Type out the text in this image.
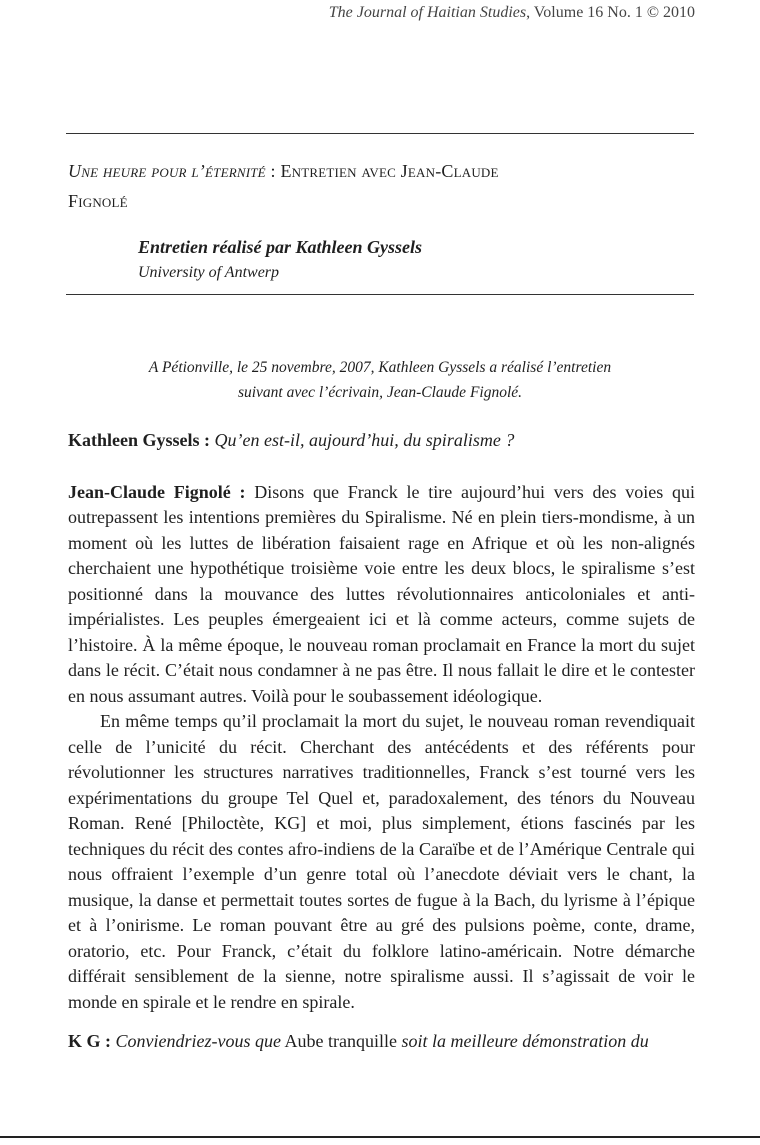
The Journal of Haitian Studies, Volume 16 No. 1 © 2010
Une heure pour l’éternité : Entretien avec Jean-Claude
Fignolé
Entretien réalisé par Kathleen Gyssels
University of Antwerp
A Pétionville, le 25 novembre, 2007, Kathleen Gyssels a réalisé l’entretien
suivant avec l’écrivain, Jean-Claude Fignolé.

Kathleen Gyssels : Qu’en est-il, aujourd’hui, du spiralisme ?

Jean-Claude Fignolé : Disons que Franck le tire aujourd’hui vers des voies qui outrepassent les intentions premières du Spiralisme. Né en plein tiers-mondisme, à un moment où les luttes de libération faisaient rage en Afrique et où les non-alignés cherchaient une hypothétique troisième voie entre les deux blocs, le spiralisme s’est positionné dans la mouvance des luttes révolutionnaires anticoloniales et anti-impérialistes. Les peuples émergeaient ici et là comme acteurs, comme sujets de l’histoire. À la même époque, le nouveau roman proclamait en France la mort du sujet dans le récit. C’était nous condamner à ne pas être. Il nous fallait le dire et le contester en nous assumant autres. Voilà pour le soubassement idéologique.

En même temps qu’il proclamait la mort du sujet, le nouveau roman revendiquait celle de l’unicité du récit. Cherchant des antécédents et des référents pour révolutionner les structures narratives traditionnelles, Franck s’est tourné vers les expérimentations du groupe Tel Quel et, paradoxalement, des ténors du Nouveau Roman. René [Philoctète, KG] et moi, plus simplement, étions fascinés par les techniques du récit des contes afro-indiens de la Caraïbe et de l’Amérique Centrale qui nous offraient l’exemple d’un genre total où l’anecdote déviait vers le chant, la musique, la danse et permettait toutes sortes de fugue à la Bach, du lyrisme à l’épique et à l’onirisme. Le roman pouvant être au gré des pulsions poème, conte, drame, oratorio, etc. Pour Franck, c’était du folklore latino-américain. Notre démarche différait sensiblement de la sienne, notre spiralisme aussi. Il s’agissait de voir le monde en spirale et le rendre en spirale.

K G : Conviendriez-vous que Aube tranquille soit la meilleure démonstration du
